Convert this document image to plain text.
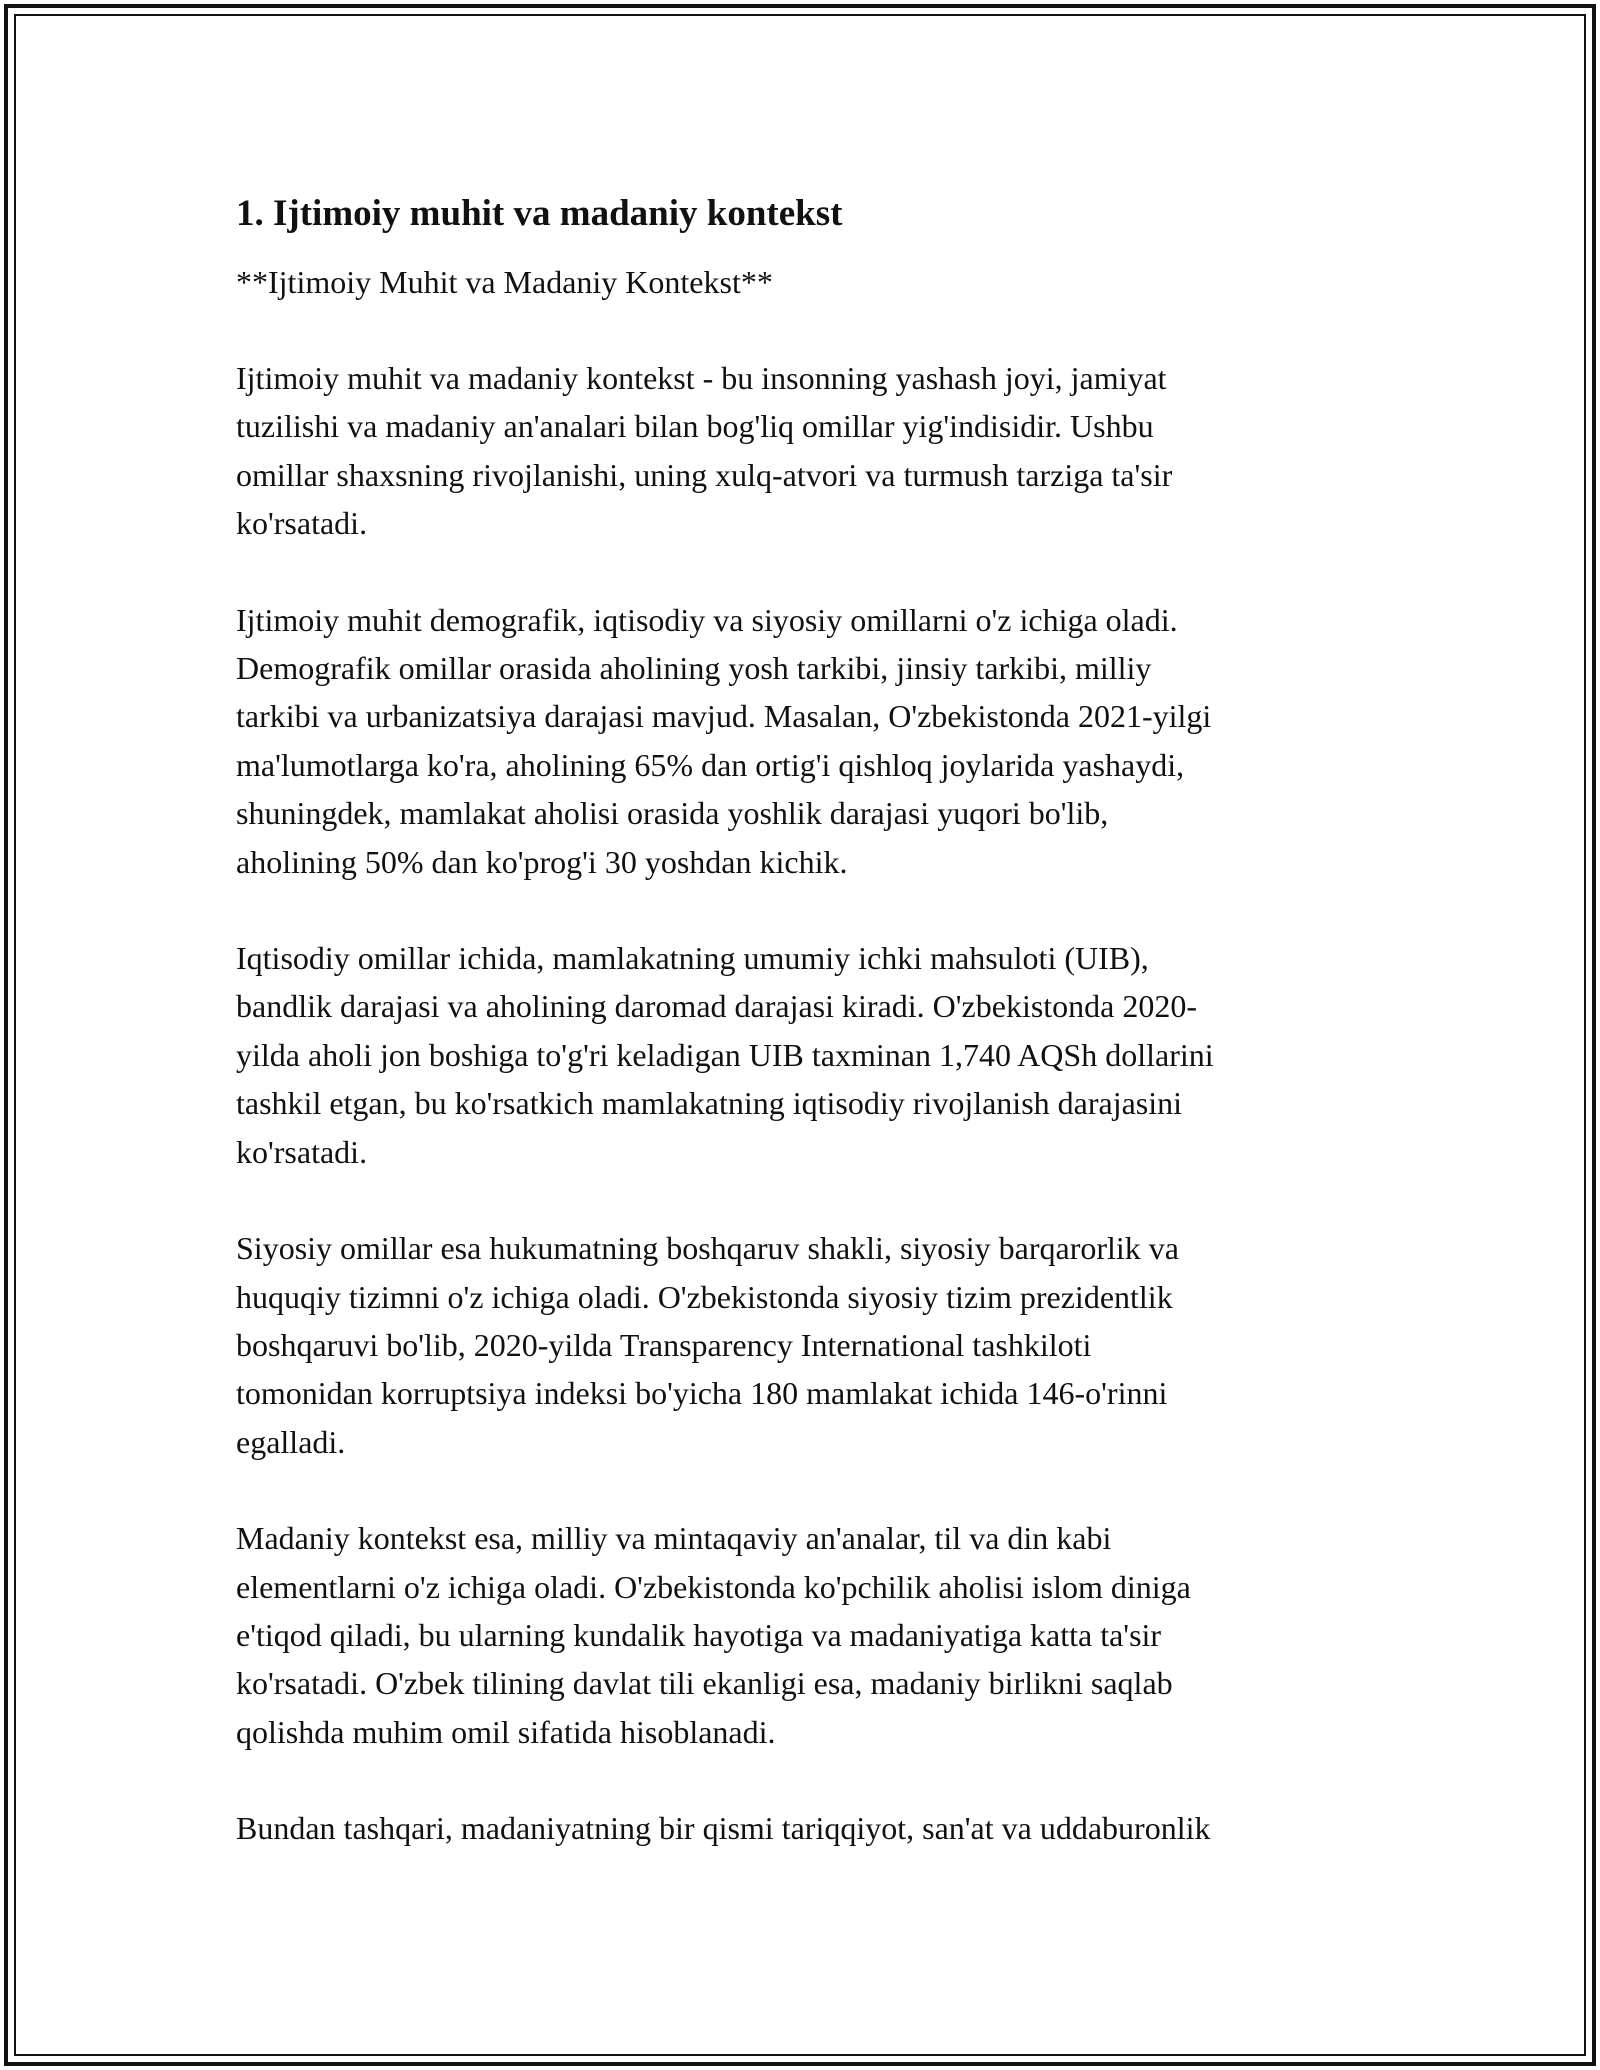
1. Ijtimoiy muhit va madaniy kontekst

**Ijtimoiy Muhit va Madaniy Kontekst**

Ijtimoiy muhit va madaniy kontekst - bu insonning yashash joyi, jamiyat
tuzilishi va madaniy an'analari bilan bog'liq omillar yig'indisidir. Ushbu
omillar shaxsning rivojlanishi, uning xulq-atvori va turmush tarziga ta'sir
ko'rsatadi.

Ijtimoiy muhit demografik, iqtisodiy va siyosiy omillarni o'z ichiga oladi.
Demografik omillar orasida aholining yosh tarkibi, jinsiy tarkibi, milliy
tarkibi va urbanizatsiya darajasi mavjud. Masalan, O'zbekistonda 2021-yilgi
ma'lumotlarga ko'ra, aholining 65% dan ortig'i qishloq joylarida yashaydi,
shuningdek, mamlakat aholisi orasida yoshlik darajasi yuqori bo'lib,
aholining 50% dan ko'prog'i 30 yoshdan kichik.

Iqtisodiy omillar ichida, mamlakatning umumiy ichki mahsuloti (UIB),
bandlik darajasi va aholining daromad darajasi kiradi. O'zbekistonda 2020-
yilda aholi jon boshiga to'g'ri keladigan UIB taxminan 1,740 AQSh dollarini
tashkil etgan, bu ko'rsatkich mamlakatning iqtisodiy rivojlanish darajasini
ko'rsatadi.

Siyosiy omillar esa hukumatning boshqaruv shakli, siyosiy barqarorlik va
huquqiy tizimni o'z ichiga oladi. O'zbekistonda siyosiy tizim prezidentlik
boshqaruvi bo'lib, 2020-yilda Transparency International tashkiloti
tomonidan korruptsiya indeksi bo'yicha 180 mamlakat ichida 146-o'rinni
egalladi.

Madaniy kontekst esa, milliy va mintaqaviy an'analar, til va din kabi
elementlarni o'z ichiga oladi. O'zbekistonda ko'pchilik aholisi islom diniga
e'tiqod qiladi, bu ularning kundalik hayotiga va madaniyatiga katta ta'sir
ko'rsatadi. O'zbek tilining davlat tili ekanligi esa, madaniy birlikni saqlab
qolishda muhim omil sifatida hisoblanadi.

Bundan tashqari, madaniyatning bir qismi tariqqiyot, san'at va uddaburonlik
